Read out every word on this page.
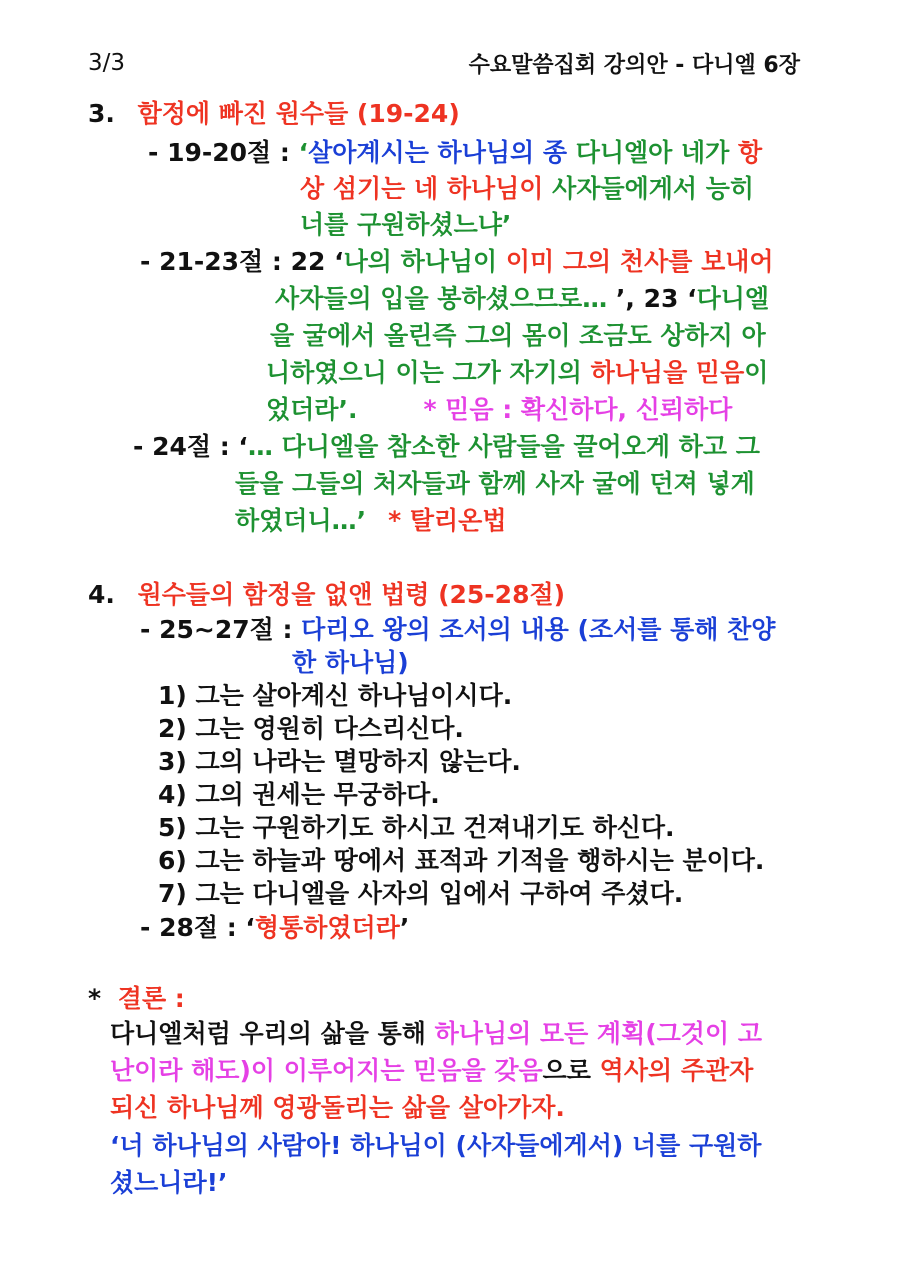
3/3	수요말씀집회 강의안 - 다니엘 6장
3. 함정에 빠진 원수들 (19-24)
- 19-20절 : ‘살아계시는 하나님의 종 다니엘아 네가 항
상 섬기는 네 하나님이 사자들에게서 능히
너를 구원하셨느냐’
- 21-23절 : 22 ‘나의 하나님이 이미 그의 천사를 보내어
사자들의 입을 봉하셨으므로… ’, 23 ‘다니엘
을 굴에서 올린즉 그의 몸이 조금도 상하지 아
니하였으니 이는 그가 자기의 하나님을 믿음이
었더라’.	* 믿음 : 확신하다, 신뢰하다
- 24절 : ‘… 다니엘을 참소한 사람들을 끌어오게 하고 그
들을 그들의 처자들과 함께 사자 굴에 던져 넣게
하였더니…’ * 탈리온법
4. 원수들의 함정을 없앤 법령 (25-28절)
- 25~27절 : 다리오 왕의 조서의 내용 (조서를 통해 찬양
한 하나님)
1) 그는 살아계신 하나님이시다.
2) 그는 영원히 다스리신다.
3) 그의 나라는 멸망하지 않는다.
4) 그의 권세는 무궁하다.
5) 그는 구원하기도 하시고 건져내기도 하신다.
6) 그는 하늘과 땅에서 표적과 기적을 행하시는 분이다.
7) 그는 다니엘을 사자의 입에서 구하여 주셨다.
- 28절 : ‘형통하였더라’
* 결론 :
다니엘처럼 우리의 삶을 통해 하나님의 모든 계획(그것이 고
난이라 해도)이 이루어지는 믿음을 갖음으로 역사의 주관자
되신 하나님께 영광돌리는 삶을 살아가자.
‘너 하나님의 사람아! 하나님이 (사자들에게서) 너를 구원하
셨느니라!’
